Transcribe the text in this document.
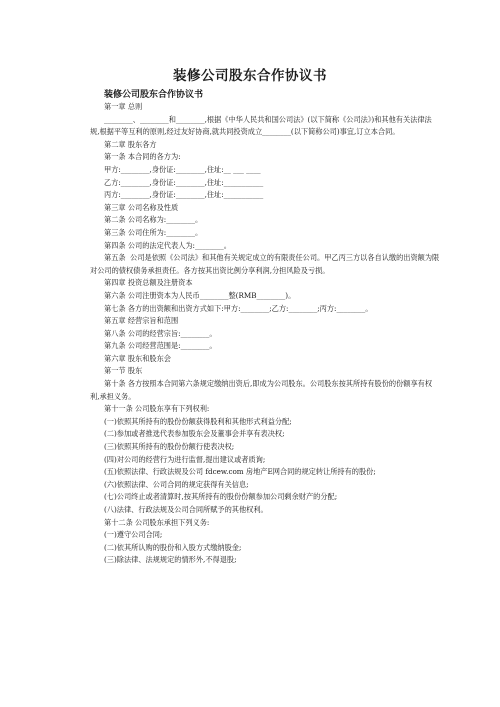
装修公司股东合作协议书
装修公司股东合作协议书

第一章 总则

________、________和________,根据《中华人民共和国公司法》(以下简称《公司法》)和其他有关法律法规,根据平等互利的原则,经过友好协商,就共同投资成立________(以下简称公司)事宜,订立本合同。

第二章 股东各方

第一条 本合同的各方为:

甲方:________,身份证:________,住址:__ ___ ____

乙方:________,身份证:________,住址:___________

丙方:________,身份证:________,住址:___________

第三章 公司名称及性质

第二条 公司名称为:________。

第三条 公司住所为:________。

第四条 公司的法定代表人为:________。

第五条  公司是依照《公司法》和其他有关规定成立的有限责任公司。甲乙丙三方以各自认缴的出资额为限对公司的债权债务承担责任。各方按其出资比例分享利润,分担风险及亏损。

第四章 投资总额及注册资本

第六条 公司注册资本为人民币________整(RMB________)。

第七条 各方的出资额和出资方式如下:甲方:________;乙方:________;丙方:________。

第五章 经营宗旨和范围

第八条 公司的经营宗旨:________。

第九条 公司经营范围是:________。

第六章 股东和股东会

第一节 股东

第十条 各方按照本合同第六条规定缴纳出资后,即成为公司股东。公司股东按其所持有股份的份额享有权利,承担义务。

第十一条 公司股东享有下列权利:

(一)依照其所持有的股份份额获得股利和其他形式利益分配;

(二)参加或者推选代表参加股东会及董事会并享有表决权;

(三)依照其所持有的股份份额行使表决权;

(四)对公司的经营行为进行监督,提出建议或者质询;

(五)依照法律、行政法规及公司 fdcew.com 房地产E网合同的规定转让所持有的股份;

(六)依照法律、公司合同的规定获得有关信息;

(七)公司终止或者清算时,按其所持有的股份份额参加公司剩余财产的分配;

(八)法律、行政法规及公司合同所赋予的其他权利。

第十二条 公司股东承担下列义务:

(一)遵守公司合同;

(二)依其所认购的股份和入股方式缴纳股金;

(三)除法律、法规规定的情形外,不得退股;
